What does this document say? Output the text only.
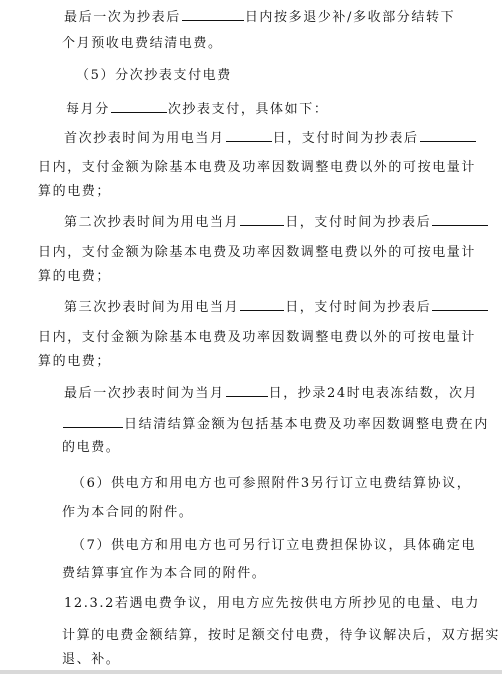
最后一次为抄表后	日内按多退少补/多收部分结转下
个月预收电费结清电费。
（5）分次抄表支付电费
每月分	次抄表支付，具体如下：
首次抄表时间为用电当月	日，支付时间为抄表后
日内，支付金额为除基本电费及功率因数调整电费以外的可按电量计
算的电费；
第二次抄表时间为用电当月	日，支付时间为抄表后
日内，支付金额为除基本电费及功率因数调整电费以外的可按电量计
算的电费；
第三次抄表时间为用电当月	日，支付时间为抄表后
日内，支付金额为除基本电费及功率因数调整电费以外的可按电量计
算的电费；
最后一次抄表时间为当月	日，抄录24时电表冻结数，次月
日结清结算金额为包括基本电费及功率因数调整电费在内
的电费。
（6）供电方和用电方也可参照附件3另行订立电费结算协议，
作为本合同的附件。
（7）供电方和用电方也可另行订立电费担保协议，具体确定电
费结算事宜作为本合同的附件。
12.3.2若遇电费争议，用电方应先按供电方所抄见的电量、电力
计算的电费金额结算，按时足额交付电费，待争议解决后，双方据实
退、补。
